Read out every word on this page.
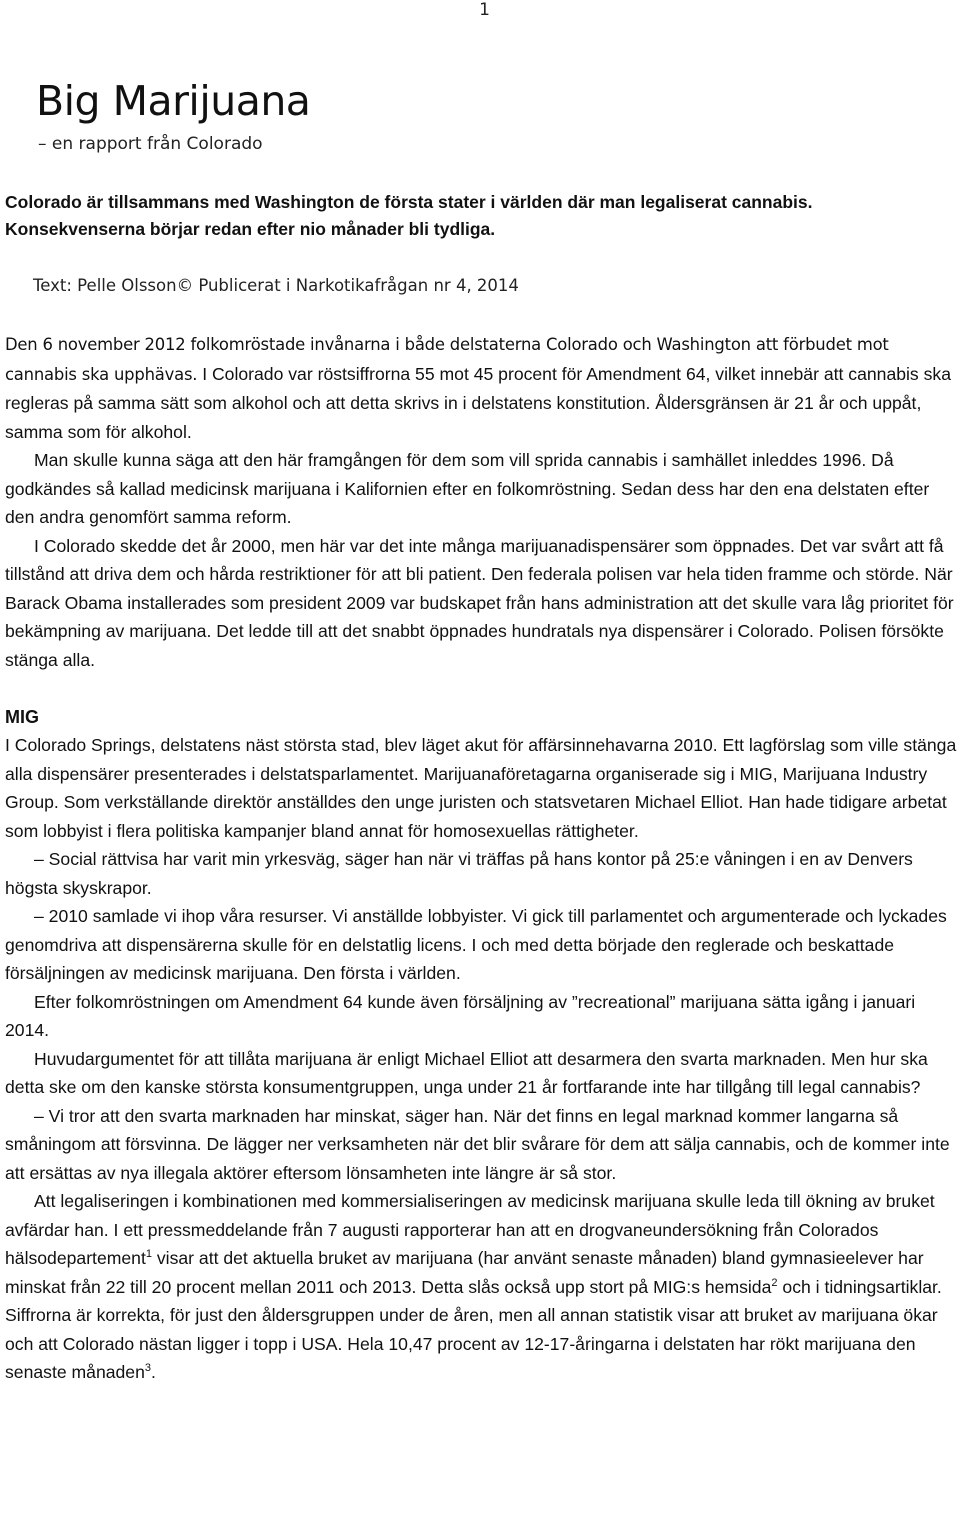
1
Big Marijuana
– en rapport från Colorado
Colorado är tillsammans med Washington de första stater i världen där man legaliserat cannabis. Konsekvenserna börjar redan efter nio månader bli tydliga.
Text: Pelle Olsson© Publicerat i Narkotikafrågan nr 4, 2014

Den 6 november 2012 folkomröstade invånarna i både delstaterna Colorado och Washington att förbudet mot cannabis ska upphävas. I Colorado var röstsiffrorna 55 mot 45 procent för Amendment 64, vilket innebär att cannabis ska regleras på samma sätt som alkohol och att detta skrivs in i delstatens konstitution. Åldersgränsen är 21 år och uppåt, samma som för alkohol.

Man skulle kunna säga att den här framgången för dem som vill sprida cannabis i samhället inleddes 1996. Då godkändes så kallad medicinsk marijuana i Kalifornien efter en folkomröstning. Sedan dess har den ena delstaten efter den andra genomfört samma reform.

I Colorado skedde det år 2000, men här var det inte många marijuanadispensärer som öppnades. Det var svårt att få tillstånd att driva dem och hårda restriktioner för att bli patient. Den federala polisen var hela tiden framme och störde. När Barack Obama installerades som president 2009 var budskapet från hans administration att det skulle vara låg prioritet för bekämpning av marijuana. Det ledde till att det snabbt öppnades hundratals nya dispensärer i Colorado. Polisen försökte stänga alla.

MIG

I Colorado Springs, delstatens näst största stad, blev läget akut för affärsinnehavarna 2010. Ett lagförslag som ville stänga alla dispensärer presenterades i delstatsparlamentet. Marijuanaföretagarna organiserade sig i MIG, Marijuana Industry Group. Som verkställande direktör anställdes den unge juristen och statsvetaren Michael Elliot. Han hade tidigare arbetat som lobbyist i flera politiska kampanjer bland annat för homosexuellas rättigheter.

– Social rättvisa har varit min yrkesväg, säger han när vi träffas på hans kontor på 25:e våningen i en av Denvers högsta skyskrapor.

– 2010 samlade vi ihop våra resurser. Vi anställde lobbyister. Vi gick till parlamentet och argumenterade och lyckades genomdriva att dispensärerna skulle för en delstatlig licens. I och med detta började den reglerade och beskattade försäljningen av medicinsk marijuana. Den första i världen.

Efter folkomröstningen om Amendment 64 kunde även försäljning av ”recreational” marijuana sätta igång i januari 2014.

Huvudargumentet för att tillåta marijuana är enligt Michael Elliot att desarmera den svarta marknaden. Men hur ska detta ske om den kanske största konsumentgruppen, unga under 21 år fortfarande inte har tillgång till legal cannabis?

– Vi tror att den svarta marknaden har minskat, säger han. När det finns en legal marknad kommer langarna så småningom att försvinna. De lägger ner verksamheten när det blir svårare för dem att sälja cannabis, och de kommer inte att ersättas av nya illegala aktörer eftersom lönsamheten inte längre är så stor.

Att legaliseringen i kombinationen med kommersialiseringen av medicinsk marijuana skulle leda till ökning av bruket avfärdar han. I ett pressmeddelande från 7 augusti rapporterar han att en drogvaneundersökning från Colorados hälsodepartement$^1$ visar att det aktuella bruket av marijuana (har använt senaste månaden) bland gymnasieelever har minskat från 22 till 20 procent mellan 2011 och 2013. Detta slås också upp stort på MIG:s hemsida$^2$ och i tidningsartiklar. Siffrorna är korrekta, för just den åldersgruppen under de åren, men all annan statistik visar att bruket av marijuana ökar och att Colorado nästan ligger i topp i USA. Hela 10,47 procent av 12-17-åringarna i delstaten har rökt marijuana den senaste månaden$^3$.
